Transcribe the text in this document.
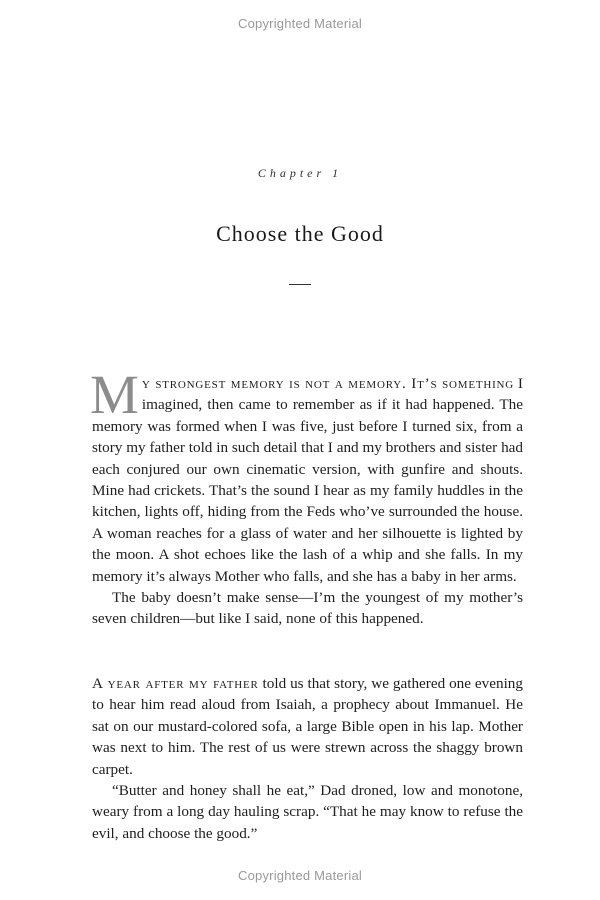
Copyrighted Material
Chapter 1
Choose the Good

My strongest memory is not a memory. It’s something I imagined, then came to remember as if it had happened. The memory was formed when I was five, just before I turned six, from a story my father told in such detail that I and my brothers and sister had each conjured our own cinematic version, with gunfire and shouts. Mine had crickets. That’s the sound I hear as my family huddles in the kitchen, lights off, hiding from the Feds who’ve surrounded the house. A woman reaches for a glass of water and her silhouette is lighted by the moon. A shot echoes like the lash of a whip and she falls. In my memory it’s always Mother who falls, and she has a baby in her arms.

The baby doesn’t make sense—I’m the youngest of my mother’s seven children—but like I said, none of this happened.

A year after my father told us that story, we gathered one evening to hear him read aloud from Isaiah, a prophecy about Immanuel. He sat on our mustard-colored sofa, a large Bible open in his lap. Mother was next to him. The rest of us were strewn across the shaggy brown carpet.

“Butter and honey shall he eat,” Dad droned, low and monotone, weary from a long day hauling scrap. “That he may know to refuse the evil, and choose the good.”

Copyrighted Material
